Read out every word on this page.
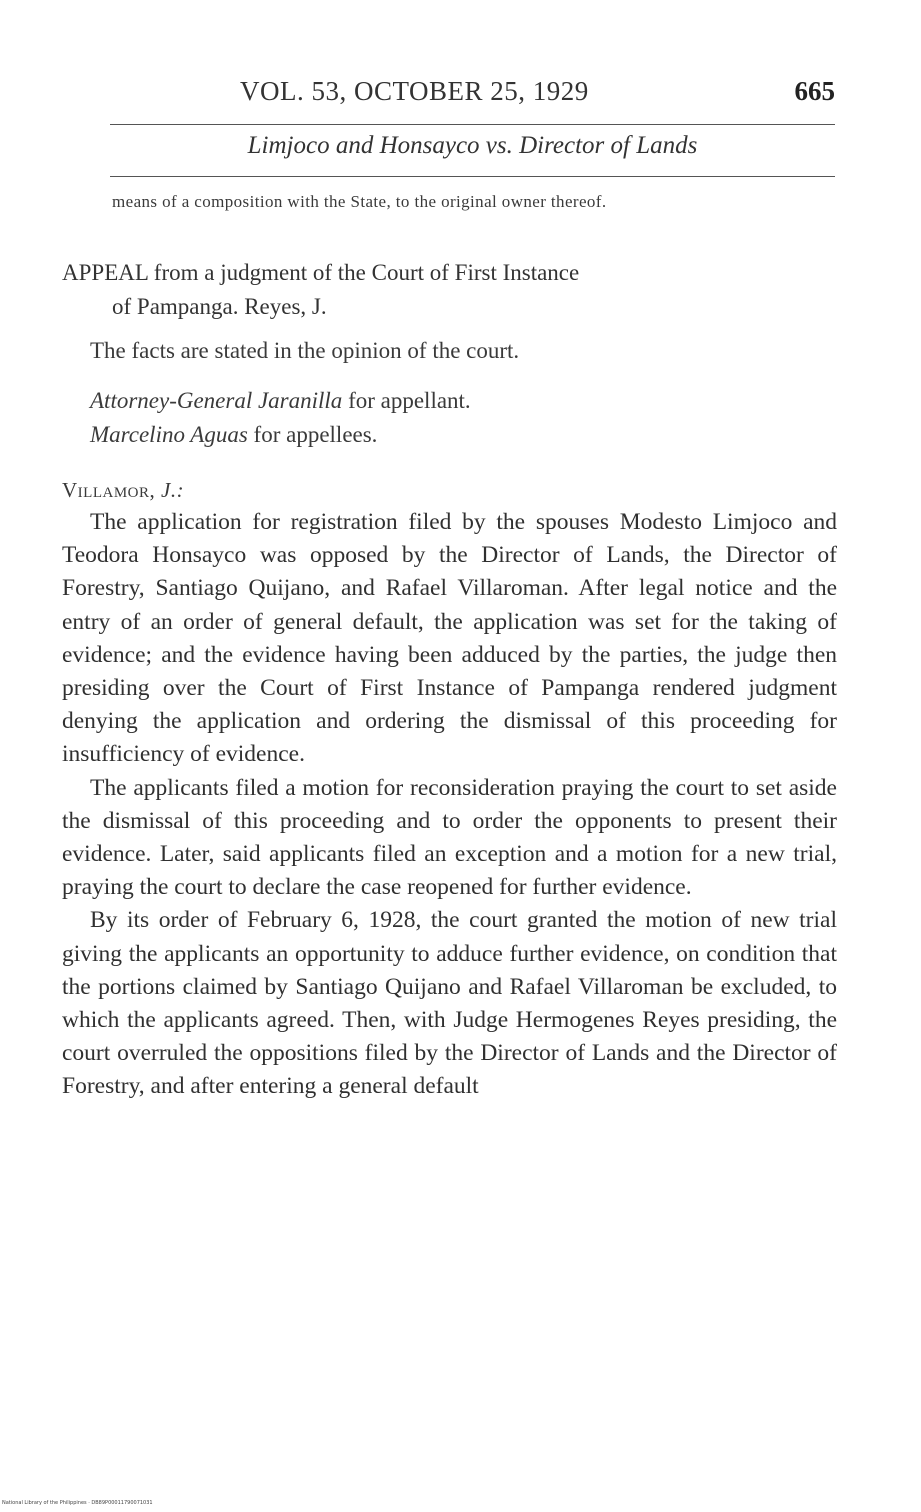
VOL. 53, OCTOBER 25, 1929	665
Limjoco and Honsayco vs. Director of Lands
means of a composition with the State, to the original owner thereof.
APPEAL from a judgment of the Court of First Instance
of Pampanga. Reyes, J.
The facts are stated in the opinion of the court.
Attorney-General Jaranilla for appellant.
Marcelino Aguas for appellees.
Villamor, J.:

The application for registration filed by the spouses Modesto Limjoco and Teodora Honsayco was opposed by the Director of Lands, the Director of Forestry, Santiago Quijano, and Rafael Villaroman. After legal notice and the entry of an order of general default, the application was set for the taking of evidence; and the evidence having been adduced by the parties, the judge then presiding over the Court of First Instance of Pampanga rendered judgment denying the application and ordering the dismissal of this proceeding for insufficiency of evidence.

The applicants filed a motion for reconsideration praying the court to set aside the dismissal of this proceeding and to order the opponents to present their evidence. Later, said applicants filed an exception and a motion for a new trial, praying the court to declare the case reopened for further evidence.

By its order of February 6, 1928, the court granted the motion of new trial giving the applicants an opportunity to adduce further evidence, on condition that the portions claimed by Santiago Quijano and Rafael Villaroman be excluded, to which the applicants agreed. Then, with Judge Hermogenes Reyes presiding, the court overruled the oppositions filed by the Director of Lands and the Director of Forestry, and after entering a general default

National Library of the Philippines · DB89P00011790071031
